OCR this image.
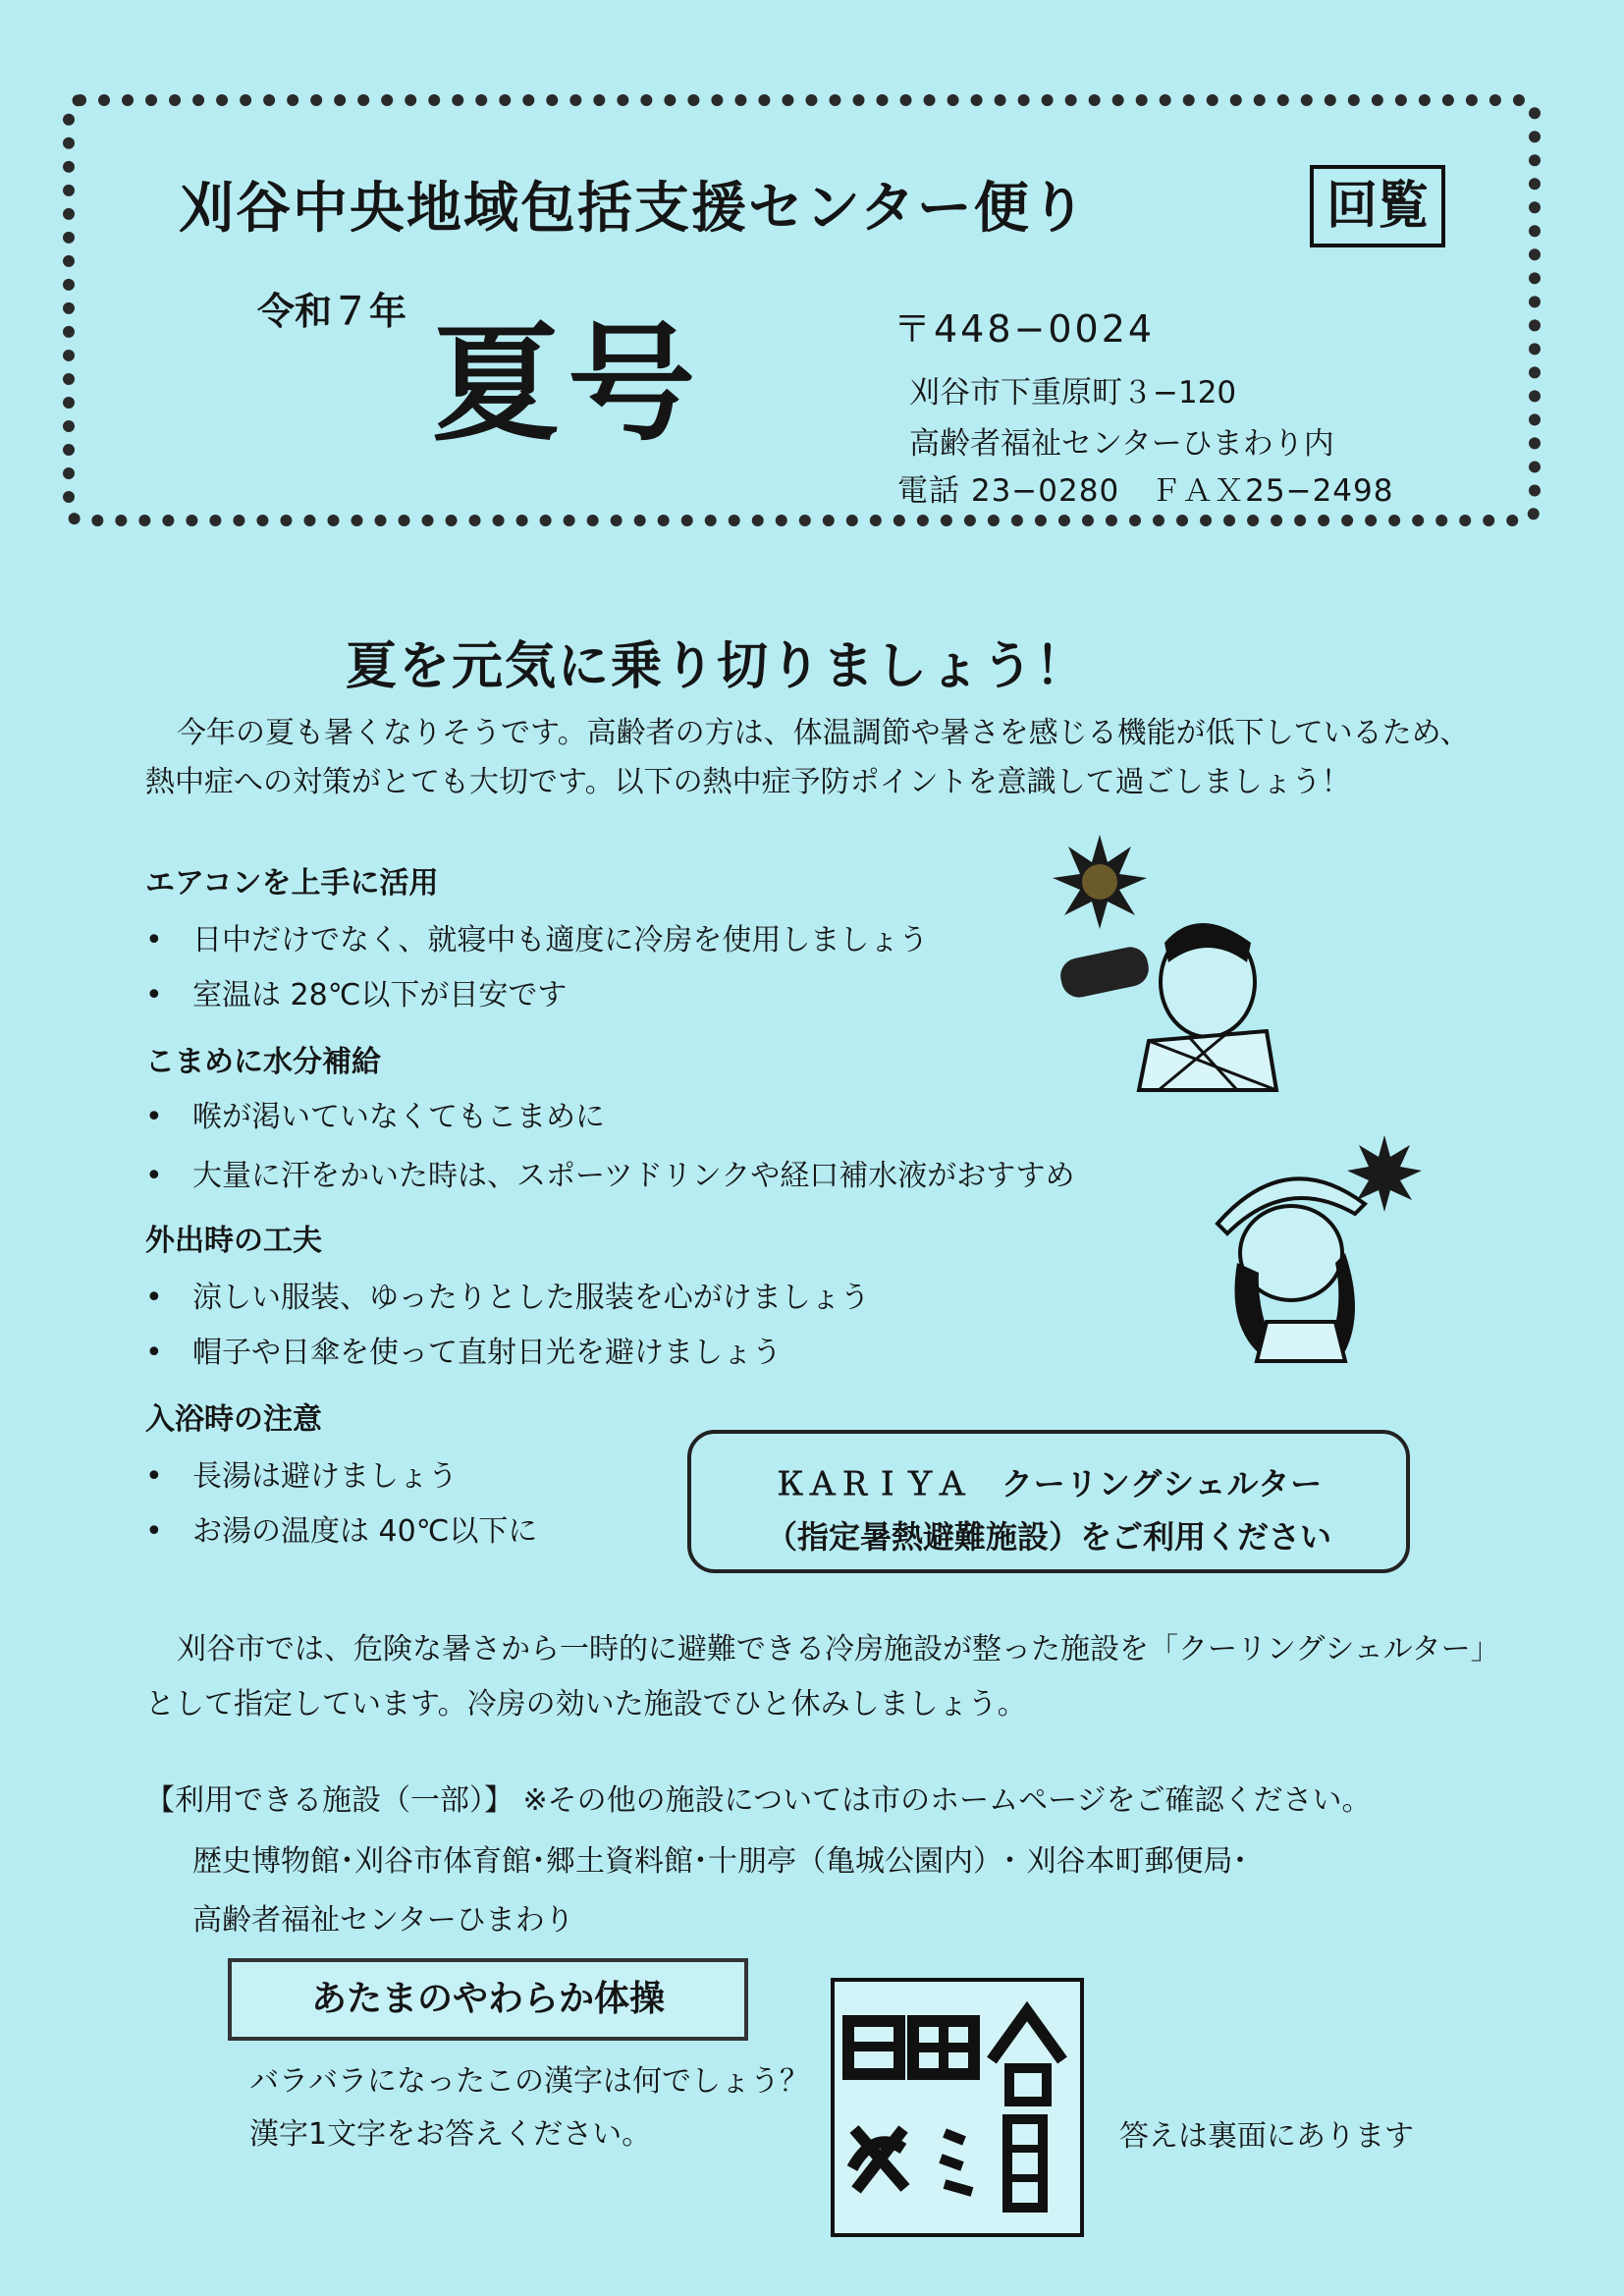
刈谷中央地域包括支援センター便り	回覧
令和７年 夏号	〒448−0024
刈谷市下重原町３−120
高齢者福祉センターひまわり内
電話 23−0280　ＦＡＸ25−2498
夏を元気に乗り切りましょう！
今年の夏も暑くなりそうです。高齢者の方は、体温調節や暑さを感じる機能が低下しているため、熱中症への対策がとても大切です。以下の熱中症予防ポイントを意識して過ごしましょう！
エアコンを上手に活用
• 日中だけでなく、就寝中も適度に冷房を使用しましょう
• 室温は 28℃以下が目安です
こまめに水分補給
• 喉が渇いていなくてもこまめに
• 大量に汗をかいた時は、スポーツドリンクや経口補水液がおすすめ
外出時の工夫
• 涼しい服装、ゆったりとした服装を心がけましょう
• 帽子や日傘を使って直射日光を避けましょう
入浴時の注意
• 長湯は避けましょう
• お湯の温度は 40℃以下に
ＫＡＲＩＹＡ　クーリングシェルター
（指定暑熱避難施設）をご利用ください
刈谷市では、危険な暑さから一時的に避難できる冷房施設が整った施設を「クーリングシェルター」として指定しています。冷房の効いた施設でひと休みしましょう。
【利用できる施設（一部）】 ※その他の施設については市のホームページをご確認ください。
歴史博物館･刈谷市体育館･郷土資料館･十朋亭（亀城公園内）･ 刈谷本町郵便局･
高齢者福祉センターひまわり
あたまのやわらか体操
バラバラになったこの漢字は何でしょう？
漢字1文字をお答えください。	答えは裏面にあります
